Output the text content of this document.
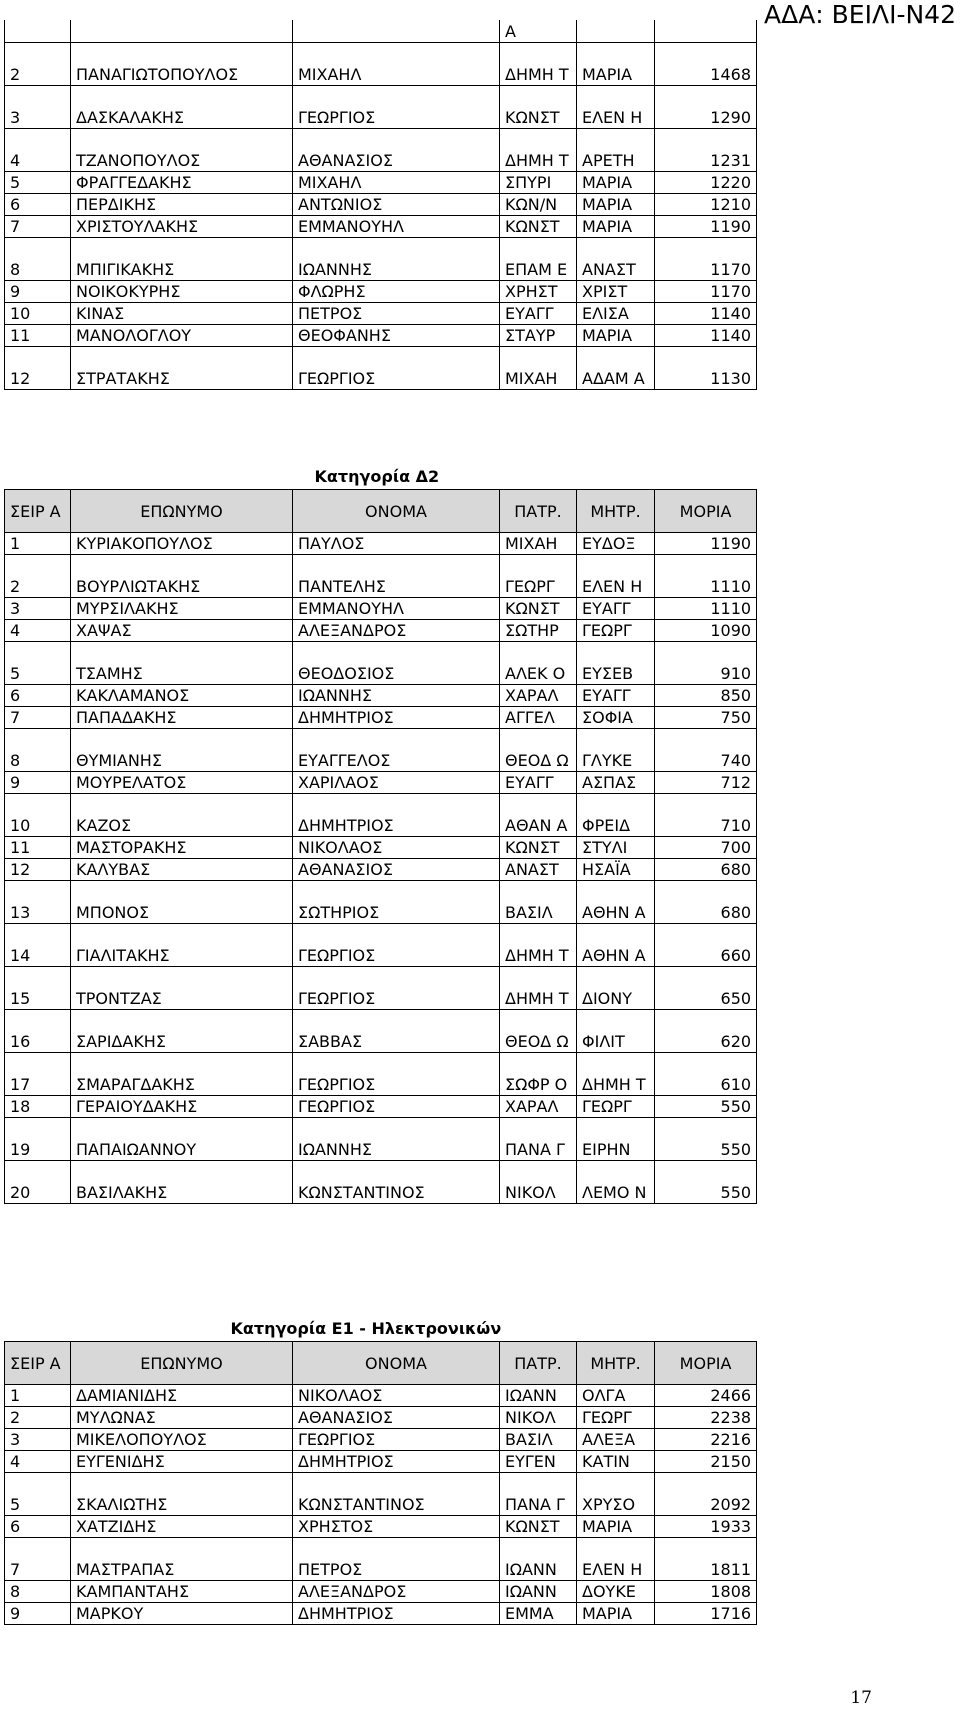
ΑΔΑ: ΒΕΙΛΙ-Ν42
			Α		
2	ΠΑΝΑΓΙΩΤΟΠΟΥΛΟΣ	ΜΙΧΑΗΛ	ΔΗΜΗ Τ	ΜΑΡΙΑ	1468
3	ΔΑΣΚΑΛΑΚΗΣ	ΓΕΩΡΓΙΟΣ	ΚΩΝΣΤ	ΕΛΕΝ Η	1290
4	ΤΖΑΝΟΠΟΥΛΟΣ	ΑΘΑΝΑΣΙΟΣ	ΔΗΜΗ Τ	ΑΡΕΤΗ	1231
5	ΦΡΑΓΓΕΔΑΚΗΣ	ΜΙΧΑΗΛ	ΣΠΥΡΙ	ΜΑΡΙΑ	1220
6	ΠΕΡΔΙΚΗΣ	ΑΝΤΩΝΙΟΣ	ΚΩΝ/Ν	ΜΑΡΙΑ	1210
7	ΧΡΙΣΤΟΥΛΑΚΗΣ	ΕΜΜΑΝΟΥΗΛ	ΚΩΝΣΤ	ΜΑΡΙΑ	1190
8	ΜΠΙΓΙΚΑΚΗΣ	ΙΩΑΝΝΗΣ	ΕΠΑΜ Ε	ΑΝΑΣΤ	1170
9	ΝΟΙΚΟΚΥΡΗΣ	ΦΛΩΡΗΣ	ΧΡΗΣΤ	ΧΡΙΣΤ	1170
10	ΚΙΝΑΣ	ΠΕΤΡΟΣ	ΕΥΑΓΓ	ΕΛΙΣΑ	1140
11	ΜΑΝΟΛΟΓΛΟΥ	ΘΕΟΦΑΝΗΣ	ΣΤΑΥΡ	ΜΑΡΙΑ	1140
12	ΣΤΡΑΤΑΚΗΣ	ΓΕΩΡΓΙΟΣ	ΜΙΧΑΗ	ΑΔΑΜ Α	1130
Κατηγορία Δ2					
ΣΕΙΡ Α	ΕΠΩΝΥΜΟ	ΟΝΟΜΑ	ΠΑΤΡ.	ΜΗΤΡ.	ΜΟΡΙΑ
1	ΚΥΡΙΑΚΟΠΟΥΛΟΣ	ΠΑΥΛΟΣ	ΜΙΧΑΗ	ΕΥΔΟΞ	1190
2	ΒΟΥΡΛΙΩΤΑΚΗΣ	ΠΑΝΤΕΛΗΣ	ΓΕΩΡΓ	ΕΛΕΝ Η	1110
3	ΜΥΡΣΙΛΑΚΗΣ	ΕΜΜΑΝΟΥΗΛ	ΚΩΝΣΤ	ΕΥΑΓΓ	1110
4	ΧΑΨΑΣ	ΑΛΕΞΑΝΔΡΟΣ	ΣΩΤΗΡ	ΓΕΩΡΓ	1090
5	ΤΣΑΜΗΣ	ΘΕΟΔΟΣΙΟΣ	ΑΛΕΚ Ο	ΕΥΣΕΒ	910
6	ΚΑΚΛΑΜΑΝΟΣ	ΙΩΑΝΝΗΣ	ΧΑΡΑΛ	ΕΥΑΓΓ	850
7	ΠΑΠΑΔΑΚΗΣ	ΔΗΜΗΤΡΙΟΣ	ΑΓΓΕΛ	ΣΟΦΙΑ	750
8	ΘΥΜΙΑΝΗΣ	ΕΥΑΓΓΕΛΟΣ	ΘΕΟΔ Ω	ΓΛΥΚΕ	740
9	ΜΟΥΡΕΛΑΤΟΣ	ΧΑΡΙΛΑΟΣ	ΕΥΑΓΓ	ΑΣΠΑΣ	712
10	ΚΑΖΟΣ	ΔΗΜΗΤΡΙΟΣ	ΑΘΑΝ Α	ΦΡΕΙΔ	710
11	ΜΑΣΤΟΡΑΚΗΣ	ΝΙΚΟΛΑΟΣ	ΚΩΝΣΤ	ΣΤΥΛΙ	700
12	ΚΑΛΥΒΑΣ	ΑΘΑΝΑΣΙΟΣ	ΑΝΑΣΤ	ΗΣΑΪΑ	680
13	ΜΠΟΝΟΣ	ΣΩΤΗΡΙΟΣ	ΒΑΣΙΛ	ΑΘΗΝ Α	680
14	ΓΙΑΛΙΤΑΚΗΣ	ΓΕΩΡΓΙΟΣ	ΔΗΜΗ Τ	ΑΘΗΝ Α	660
15	ΤΡΟΝΤΖΑΣ	ΓΕΩΡΓΙΟΣ	ΔΗΜΗ Τ	ΔΙΟΝΥ	650
16	ΣΑΡΙΔΑΚΗΣ	ΣΑΒΒΑΣ	ΘΕΟΔ Ω	ΦΙΛΙΤ	620
17	ΣΜΑΡΑΓΔΑΚΗΣ	ΓΕΩΡΓΙΟΣ	ΣΩΦΡ Ο	ΔΗΜΗ Τ	610
18	ΓΕΡΑΙΟΥΔΑΚΗΣ	ΓΕΩΡΓΙΟΣ	ΧΑΡΑΛ	ΓΕΩΡΓ	550
19	ΠΑΠΑΙΩΑΝΝΟΥ	ΙΩΑΝΝΗΣ	ΠΑΝΑ Γ	ΕΙΡΗΝ	550
20	ΒΑΣΙΛΑΚΗΣ	ΚΩΝΣΤΑΝΤΙΝΟΣ	ΝΙΚΟΛ	ΛΕΜΟ Ν	550
Κατηγορία Ε1 - Ηλεκτρονικών					
ΣΕΙΡ Α	ΕΠΩΝΥΜΟ	ΟΝΟΜΑ	ΠΑΤΡ.	ΜΗΤΡ.	ΜΟΡΙΑ
1	ΔΑΜΙΑΝΙΔΗΣ	ΝΙΚΟΛΑΟΣ	ΙΩΑΝΝ	ΟΛΓΑ	2466
2	ΜΥΛΩΝΑΣ	ΑΘΑΝΑΣΙΟΣ	ΝΙΚΟΛ	ΓΕΩΡΓ	2238
3	ΜΙΚΕΛΟΠΟΥΛΟΣ	ΓΕΩΡΓΙΟΣ	ΒΑΣΙΛ	ΑΛΕΞΑ	2216
4	ΕΥΓΕΝΙΔΗΣ	ΔΗΜΗΤΡΙΟΣ	ΕΥΓΕΝ	ΚΑΤΙΝ	2150
5	ΣΚΑΛΙΩΤΗΣ	ΚΩΝΣΤΑΝΤΙΝΟΣ	ΠΑΝΑ Γ	ΧΡΥΣΟ	2092
6	ΧΑΤΖΙΔΗΣ	ΧΡΗΣΤΟΣ	ΚΩΝΣΤ	ΜΑΡΙΑ	1933
7	ΜΑΣΤΡΑΠΑΣ	ΠΕΤΡΟΣ	ΙΩΑΝΝ	ΕΛΕΝ Η	1811
8	ΚΑΜΠΑΝΤΑΗΣ	ΑΛΕΞΑΝΔΡΟΣ	ΙΩΑΝΝ	ΔΟΥΚΕ	1808
9	ΜΑΡΚΟΥ	ΔΗΜΗΤΡΙΟΣ	ΕΜΜΑ	ΜΑΡΙΑ	1716
17
